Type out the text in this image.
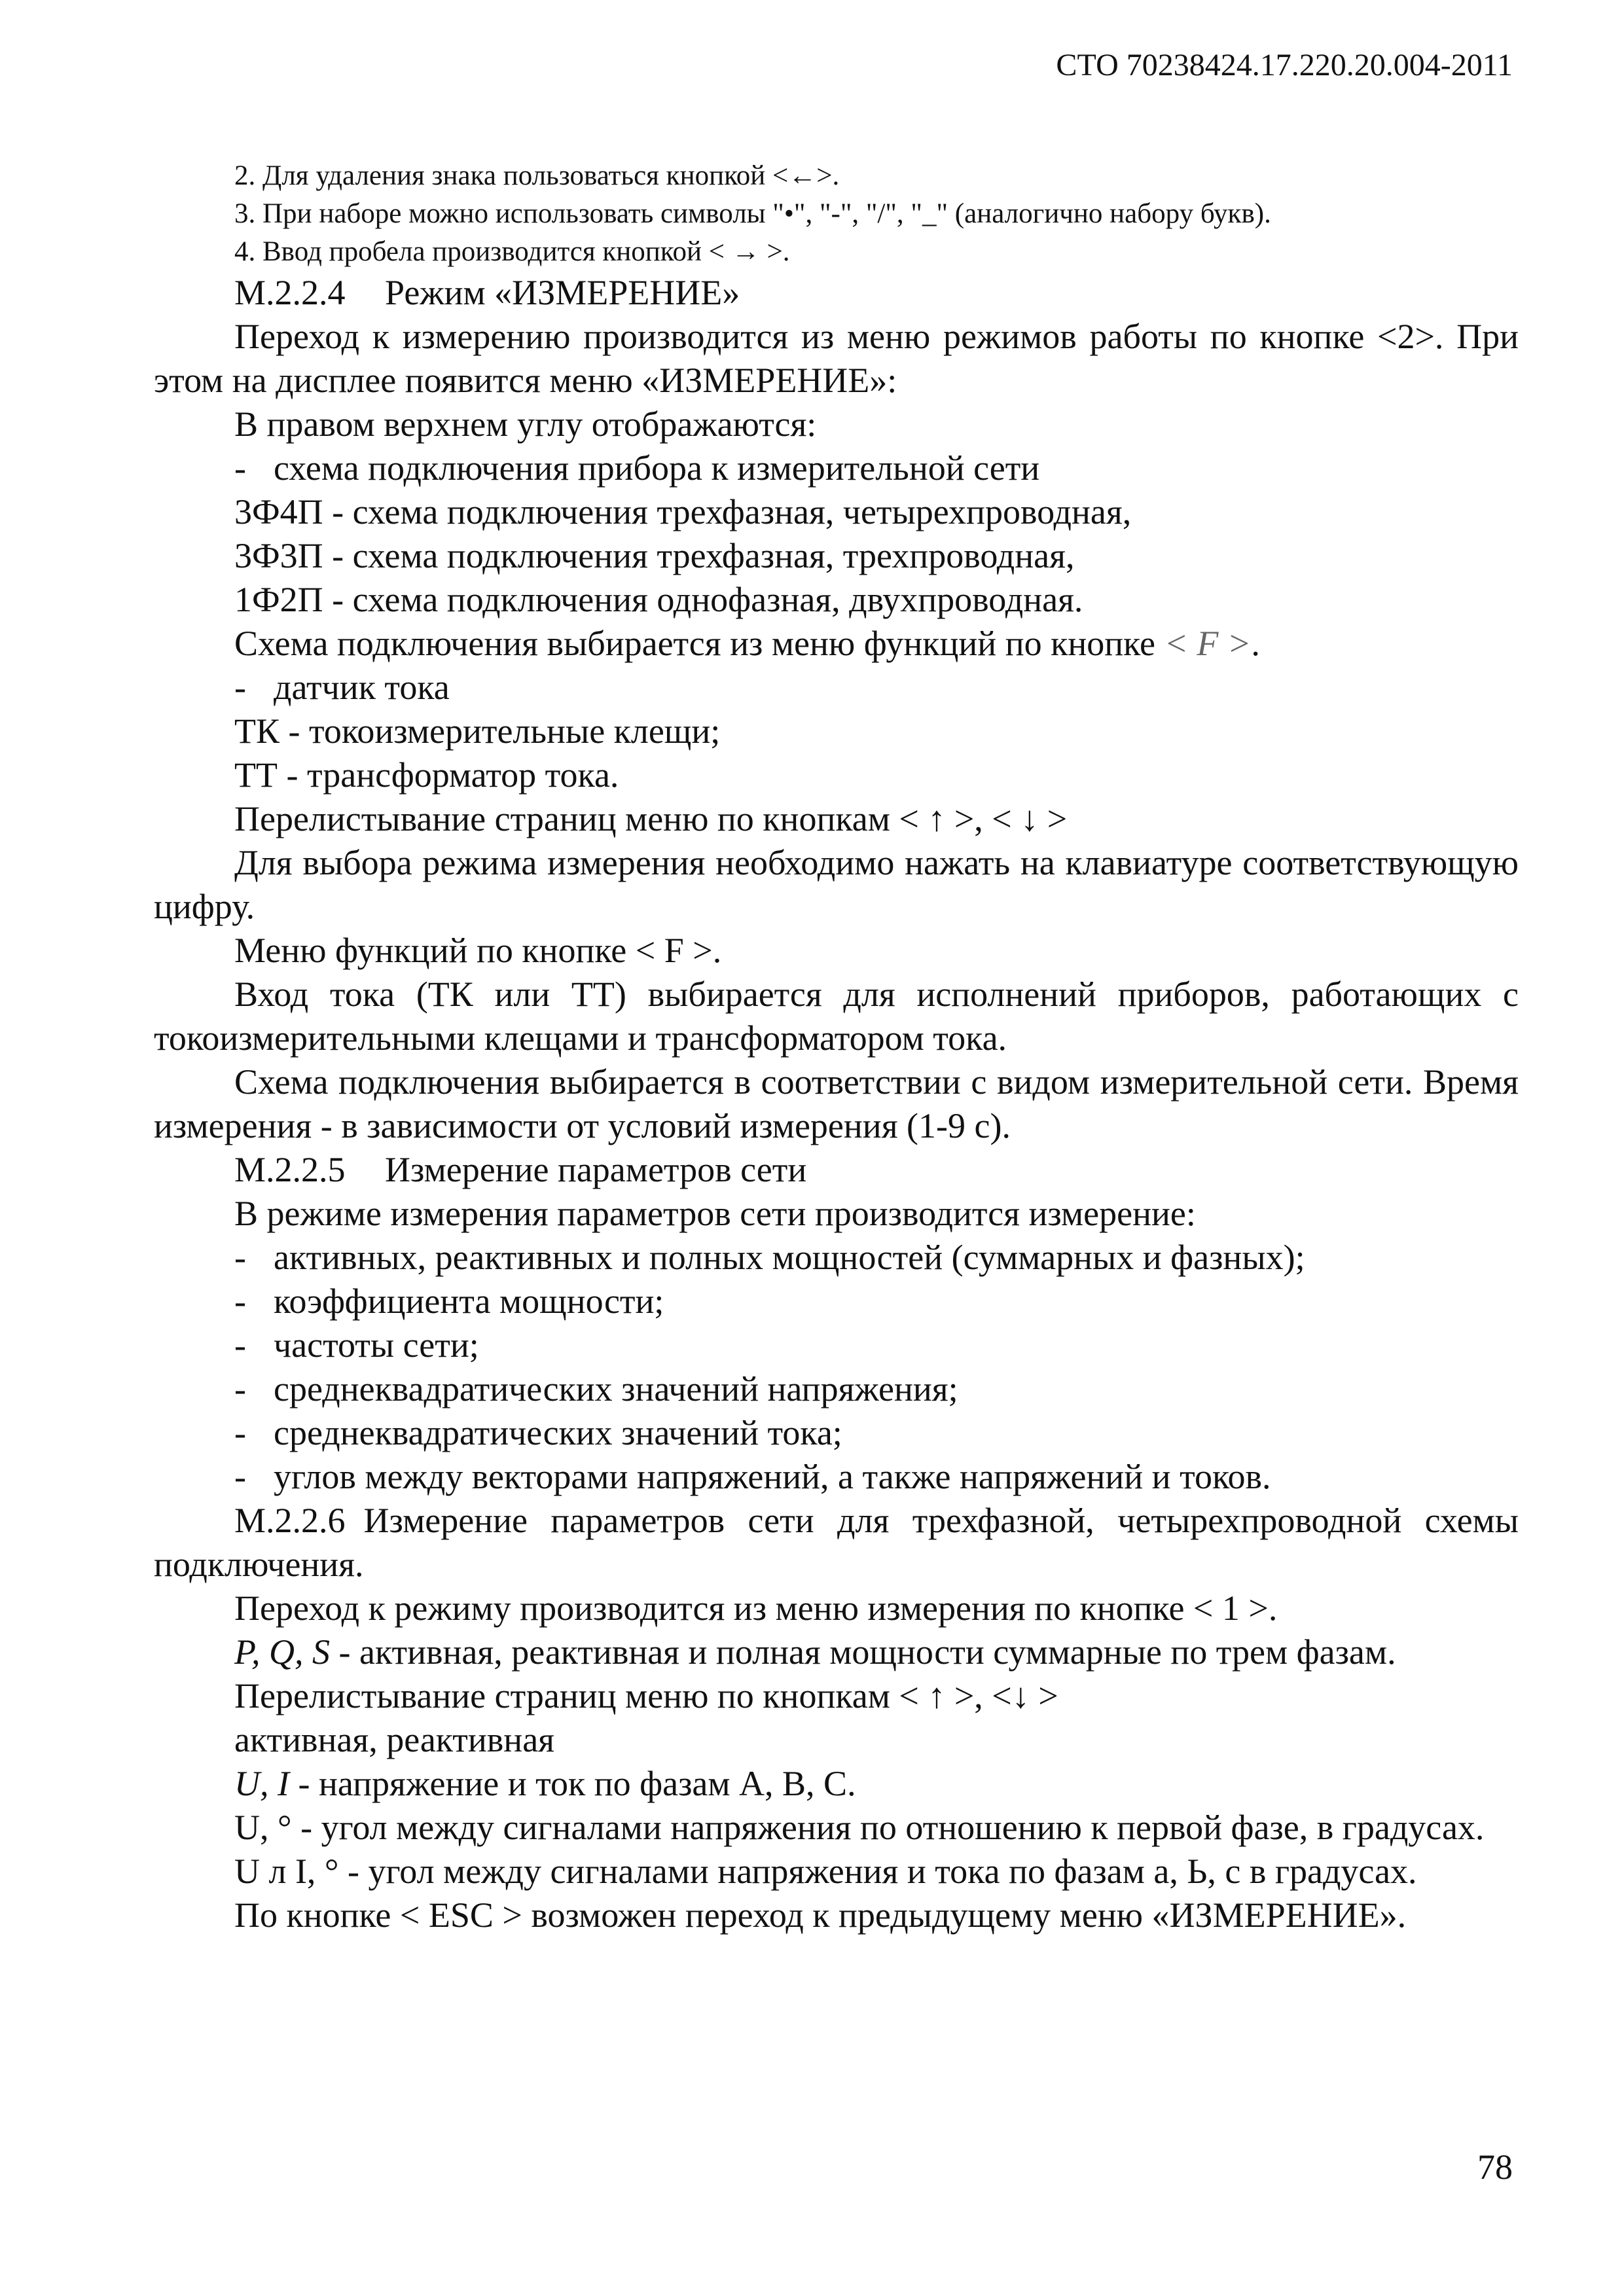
СТО 70238424.17.220.20.004-2011
2. Для удаления знака пользоваться кнопкой <←>.
3. При наборе можно использовать символы "•", "-", "/", "_" (аналогично набору букв).
4. Ввод пробела производится кнопкой < → >.

М.2.2.4 Режим «ИЗМЕРЕНИЕ»

Переход к измерению производится из меню режимов работы по кнопке <2>. При этом на дисплее появится меню «ИЗМЕРЕНИЕ»:

В правом верхнем углу отображаются:

- схема подключения прибора к измерительной сети

3Ф4П - схема подключения трехфазная, четырехпроводная,

3Ф3П - схема подключения трехфазная, трехпроводная,

1Ф2П - схема подключения однофазная, двухпроводная.

Схема подключения выбирается из меню функций по кнопке < F >.

- датчик тока

ТК - токоизмерительные клещи;

ТТ - трансформатор тока.

Перелистывание страниц меню по кнопкам < ↑ >, < ↓ >

Для выбора режима измерения необходимо нажать на клавиатуре соответствующую цифру.

Меню функций по кнопке < F >.

Вход тока (ТК или ТТ) выбирается для исполнений приборов, работающих с токоизмерительными клещами и трансформатором тока.

Схема подключения выбирается в соответствии с видом измерительной сети. Время измерения - в зависимости от условий измерения (1-9 с).

М.2.2.5 Измерение параметров сети

В режиме измерения параметров сети производится измерение:

- активных, реактивных и полных мощностей (суммарных и фазных);

- коэффициента мощности;

- частоты сети;

- среднеквадратических значений напряжения;

- среднеквадратических значений тока;

- углов между векторами напряжений, а также напряжений и токов.

М.2.2.6 Измерение параметров сети для трехфазной, четырехпроводной схемы подключения.

Переход к режиму производится из меню измерения по кнопке < 1 >.

P, Q, S - активная, реактивная и полная мощности суммарные по трем фазам.

Перелистывание страниц меню по кнопкам < ↑ >, <↓ >

активная, реактивная

U, I - напряжение и ток по фазам А, В, С.

U, ° - угол между сигналами напряжения по отношению к первой фазе, в градусах.

U л I, ° - угол между сигналами напряжения и тока по фазам а, Ь, с в градусах.

По кнопке < ESC > возможен переход к предыдущему меню «ИЗМЕРЕНИЕ».

78
